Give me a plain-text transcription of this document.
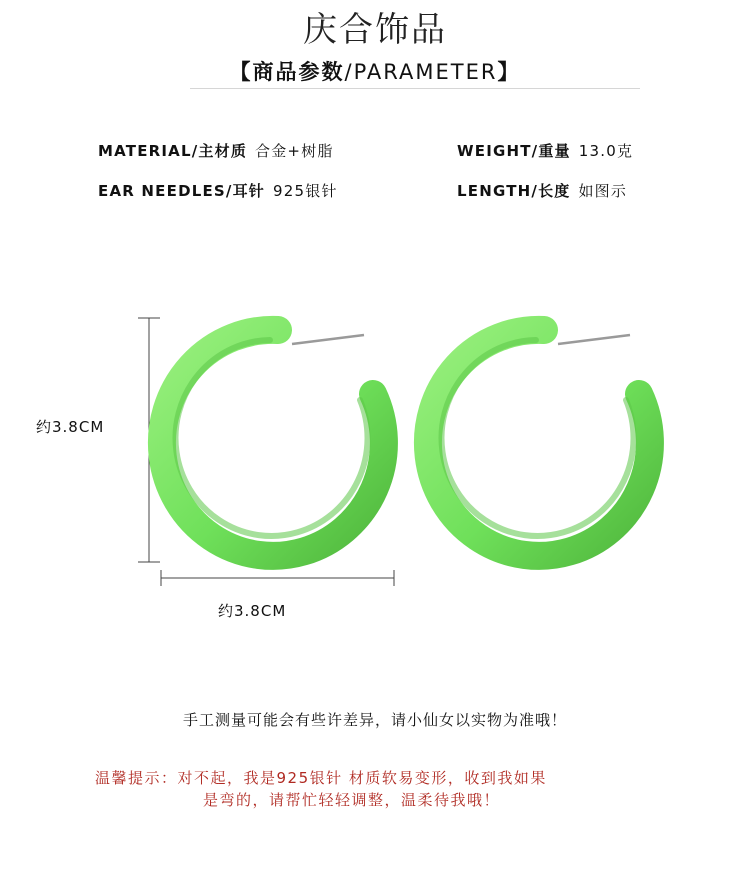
庆合饰品
【商品参数/PARAMETER】
MATERIAL/主材质 合金+树脂	WEIGHT/重量 13.0克
EAR NEEDLES/耳针 925银针	LENGTH/长度 如图示
约3.8CM
约3.8CM
手工测量可能会有些许差异，请小仙女以实物为准哦！
温馨提示：对不起，我是925银针 材质软易变形，收到我如果
是弯的，请帮忙轻轻调整，温柔待我哦！
